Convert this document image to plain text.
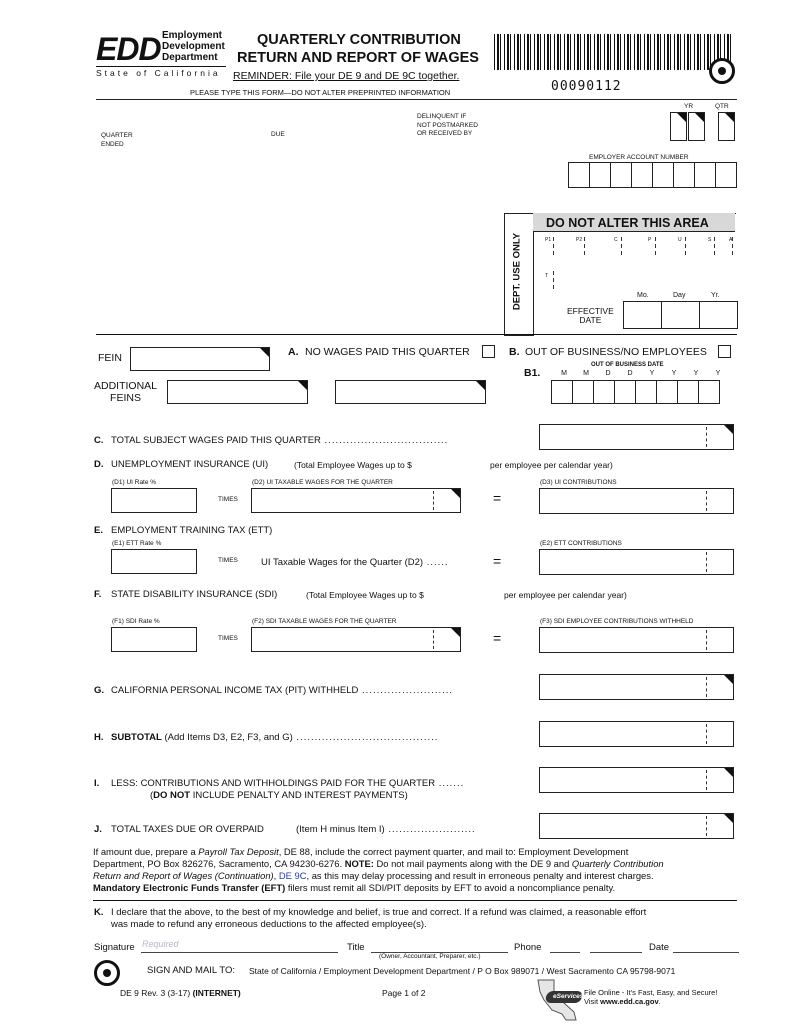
EDD Employment
Development
Department
State of California
QUARTERLY CONTRIBUTION
RETURN AND REPORT OF WAGES
REMINDER: File your DE 9 and DE 9C together.
PLEASE TYPE THIS FORM—DO NOT ALTER PREPRINTED INFORMATION	00090112
YR	QTR
QUARTER
ENDED
DUE
DELINQUENT IF
NOT POSTMARKED
OR RECEIVED BY
EMPLOYER ACCOUNT NUMBER
DEPT. USE ONLY
DO NOT ALTER THIS AREA
P1
T
Mo.	Day	Yr.
EFFECTIVE
DATE
FEIN
ADDITIONAL
FEINS
A. NO WAGES PAID THIS QUARTER	B. OUT OF BUSINESS/NO EMPLOYEES
B1.
OUT OF BUSINESS DATE
M	M	D	D	Y	Y	Y	Y
C. TOTAL SUBJECT WAGES PAID THIS QUARTER ..................................
D. UNEMPLOYMENT INSURANCE (UI)	(Total Employee Wages up to $	per employee per calendar year)
(D1) UI Rate %	(D2) UI TAXABLE WAGES FOR THE QUARTER	(D3) UI CONTRIBUTIONS
TIMES	=
E. EMPLOYMENT TRAINING TAX (ETT)
(E1) ETT Rate %	(E2) ETT CONTRIBUTIONS
TIMES UI Taxable Wages for the Quarter (D2) ......	=
F. STATE DISABILITY INSURANCE (SDI)	(Total Employee Wages up to $	per employee per calendar year)
(F1) SDI Rate %	(F2) SDI TAXABLE WAGES FOR THE QUARTER	(F3) SDI EMPLOYEE CONTRIBUTIONS WITHHELD
TIMES	=
G. CALIFORNIA PERSONAL INCOME TAX (PIT) WITHHELD .........................
H. SUBTOTAL (Add Items D3, E2, F3, and G) .......................................
I. LESS: CONTRIBUTIONS AND WITHHOLDINGS PAID FOR THE QUARTER .......
(DO NOT INCLUDE PENALTY AND INTEREST PAYMENTS)
J. TOTAL TAXES DUE OR OVERPAID	(Item H minus Item I) ........................
If amount due, prepare a Payroll Tax Deposit, DE 88, include the correct payment quarter, and mail to: Employment Development
Department, PO Box 826276, Sacramento, CA 94230-6276. NOTE: Do not mail payments along with the DE 9 and Quarterly Contribution
Return and Report of Wages (Continuation), DE 9C, as this may delay processing and result in erroneous penalty and interest charges.
Mandatory Electronic Funds Transfer (EFT) filers must remit all SDI/PIT deposits by EFT to avoid a noncompliance penalty.
K. I declare that the above, to the best of my knowledge and belief, is true and correct. If a refund was claimed, a reasonable effort
was made to refund any erroneous deductions to the affected employee(s).
Signature Required	Title
(Owner, Accountant, Preparer, etc.)
Phone	Date
SIGN AND MAIL TO: State of California / Employment Development Department / P O Box 989071 / West Sacramento CA 95798-9071
DE 9 Rev. 3 (3-17) (INTERNET)	Page 1 of 2	eServices File Online - It's Fast, Easy, and Secure!
Visit www.edd.ca.gov.
